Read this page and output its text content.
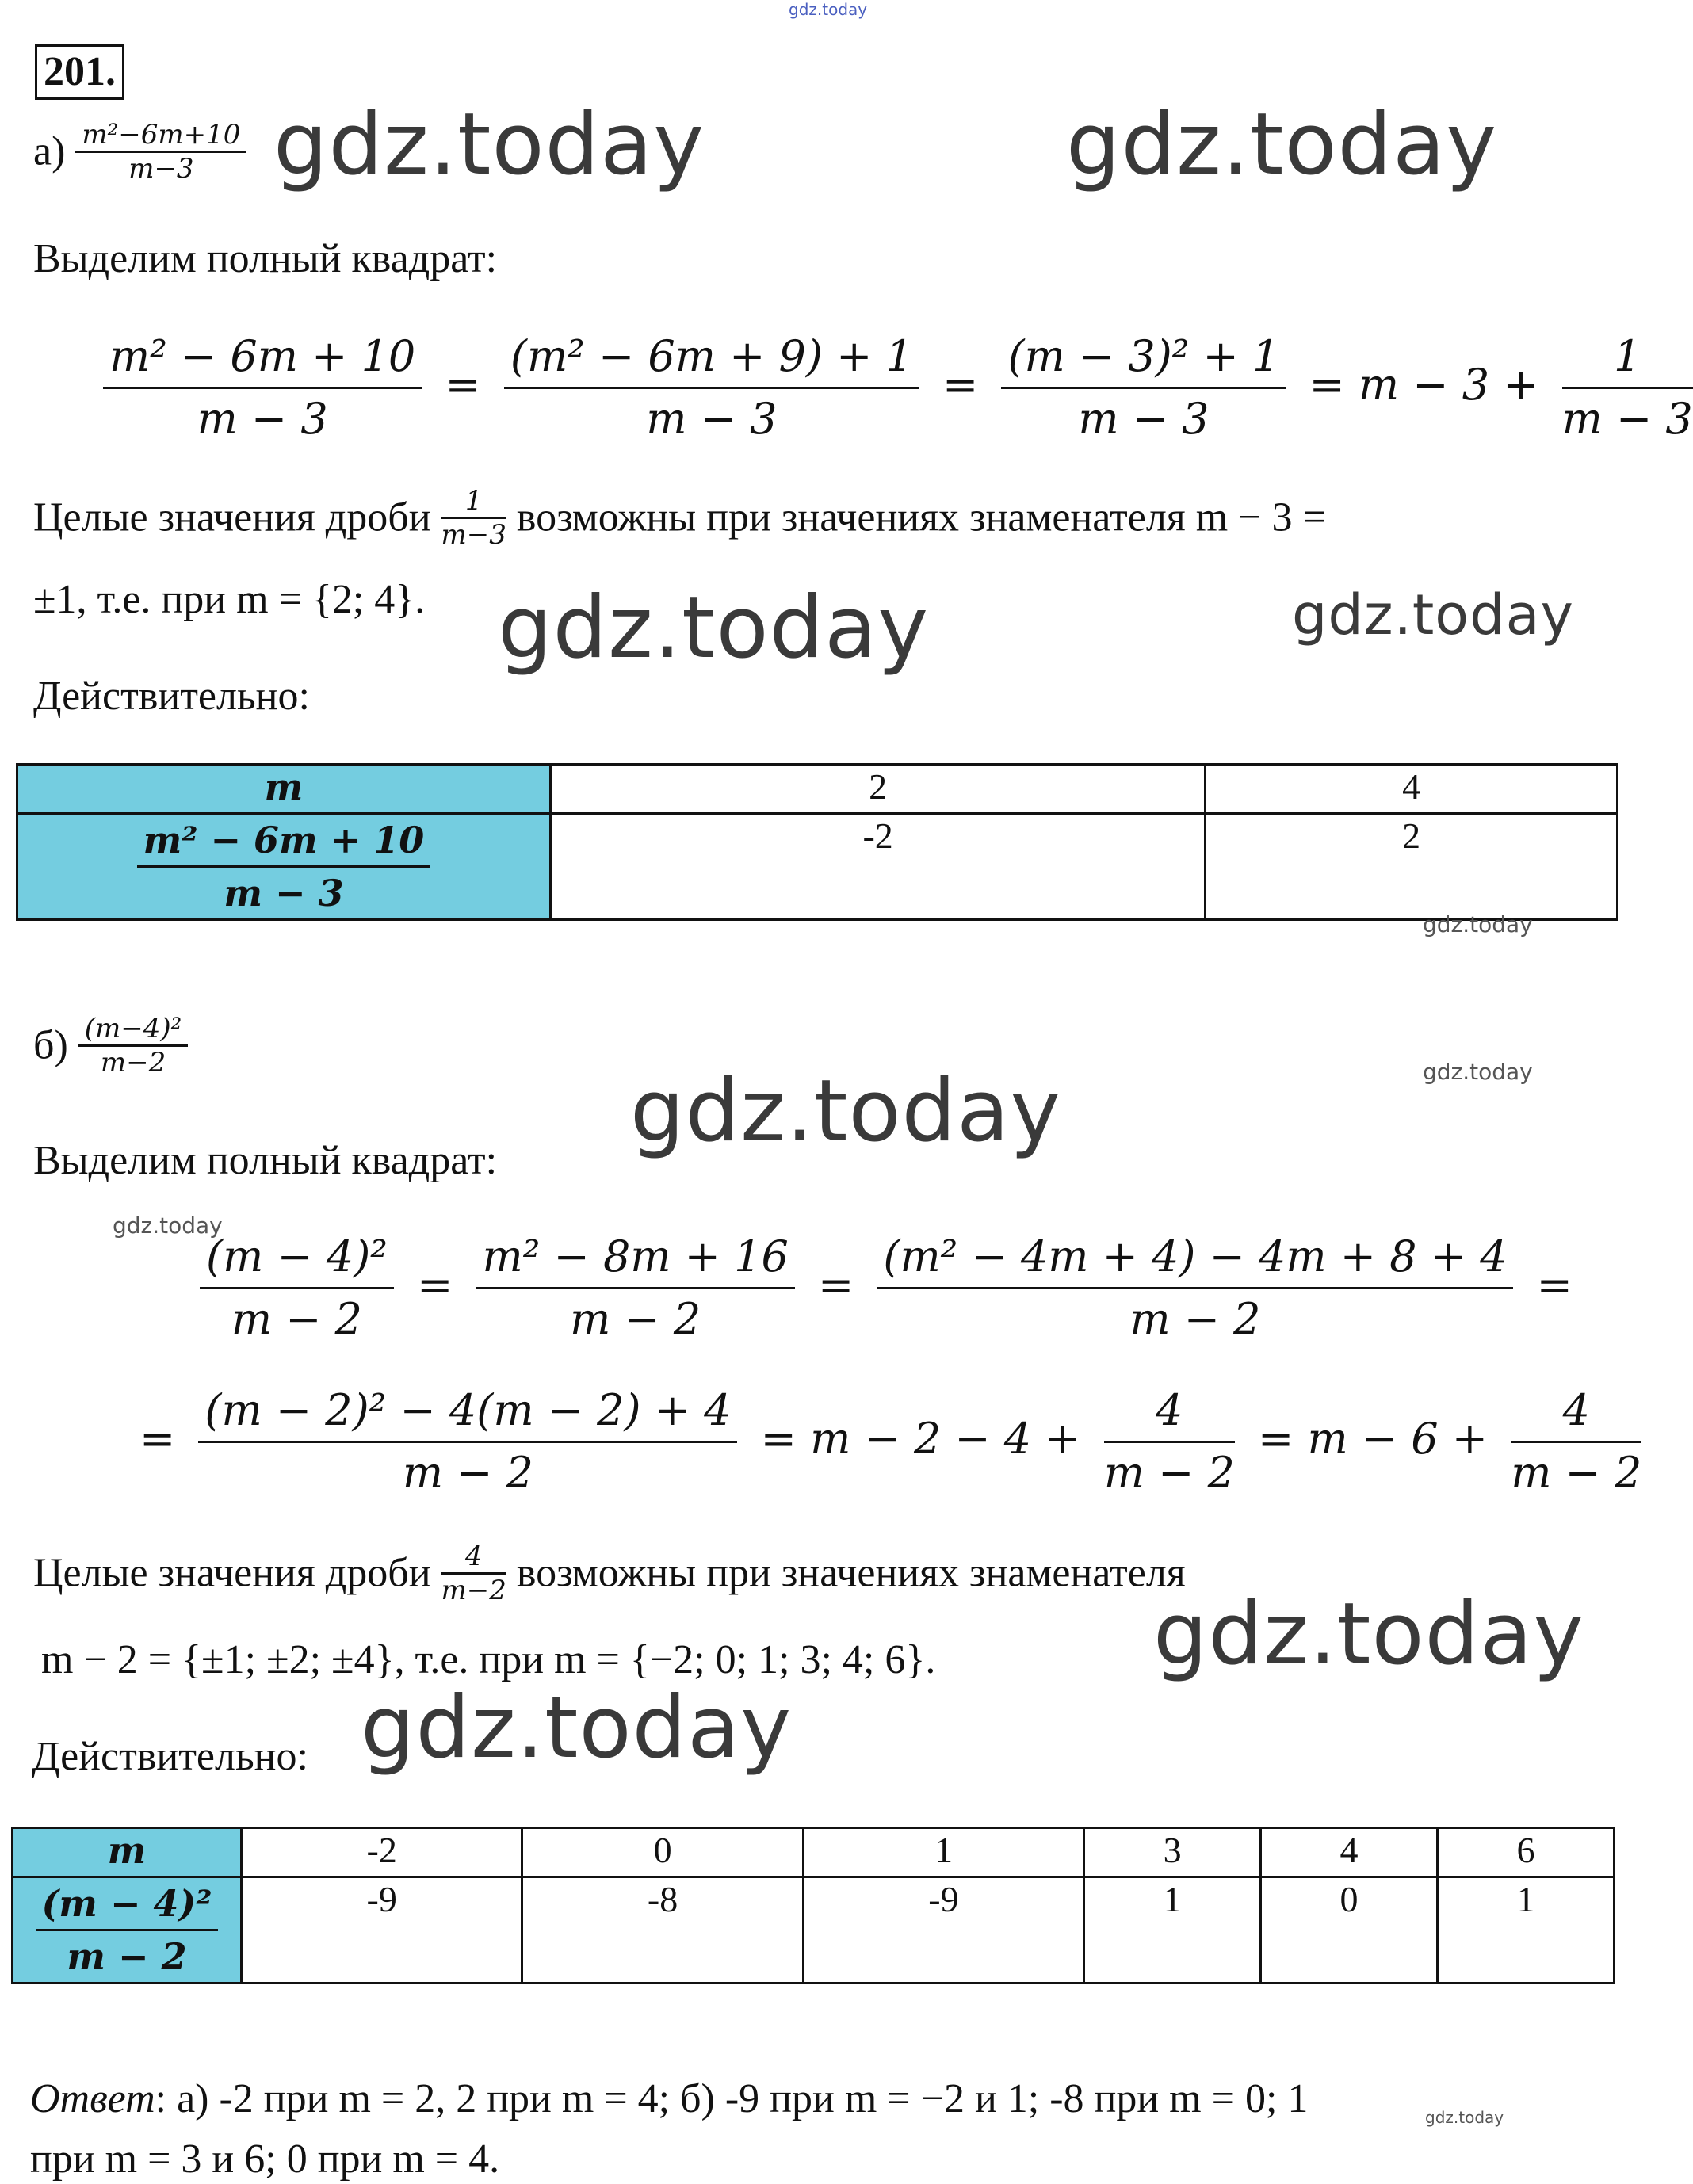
gdz.today
201.
$а) \frac{\text{m²−6m+10}}{m-3}$ gdz.today	gdz.today
Выделим полный квадрат:
$\frac{\text{m² − 6m + 10}}{m - 3} = \frac{\text{(m² − 6m + 9) + 1}}{m - 3} = \frac{\text{(m − 3)² + 1}}{m - 3} = m - 3 + \frac{1}{m - 3}$
Целые значения дроби $\frac{1}{m-3}$ возможны при значениях знаменателя m − 3 =
±1, т.е. при m = {2; 4}. gdz.today	gdz.today
Действительно:
m	2	4

$\frac{\text{m² − 6m + 10}}{m - 3}$	-2	2
gdz.today
$б) \frac{\text{(m−4)²}}{m-2}$	gdz.today
gdz.today
Выделим полный квадрат:
gdz.today
$\frac{\text{(m − 4)²}}{m - 2} = \frac{\text{m² − 8m + 16}}{m - 2} = \frac{\text{(m² − 4m + 4) − 4m + 8 + 4}}{m - 2}$ =
= $\frac{\text{(m − 2)² − 4(m − 2) + 4}}{m - 2} = m - 2 - 4 + \frac{4}{m - 2} = m - 6 + \frac{4}{m - 2}$
Целые значения дроби $\frac{4}{m-2}$ возможны при значениях знаменателя
m − 2 = {±1; ±2; ±4}, т.е. при m = {−2; 0; 1; 3; 4; 6}.	gdz.today
gdz.today
Действительно:
m	-2	0	1	3	4	6

$\frac{\text{(m − 4)²}}{m - 2}$	-9	-8	-9	1	0	1
Ответ: а) -2 при m = 2, 2 при m = 4; б) -9 при m = −2 и 1; -8 при m = 0; 1
при m = 3 и 6; 0 при m = 4.
gdz.today
